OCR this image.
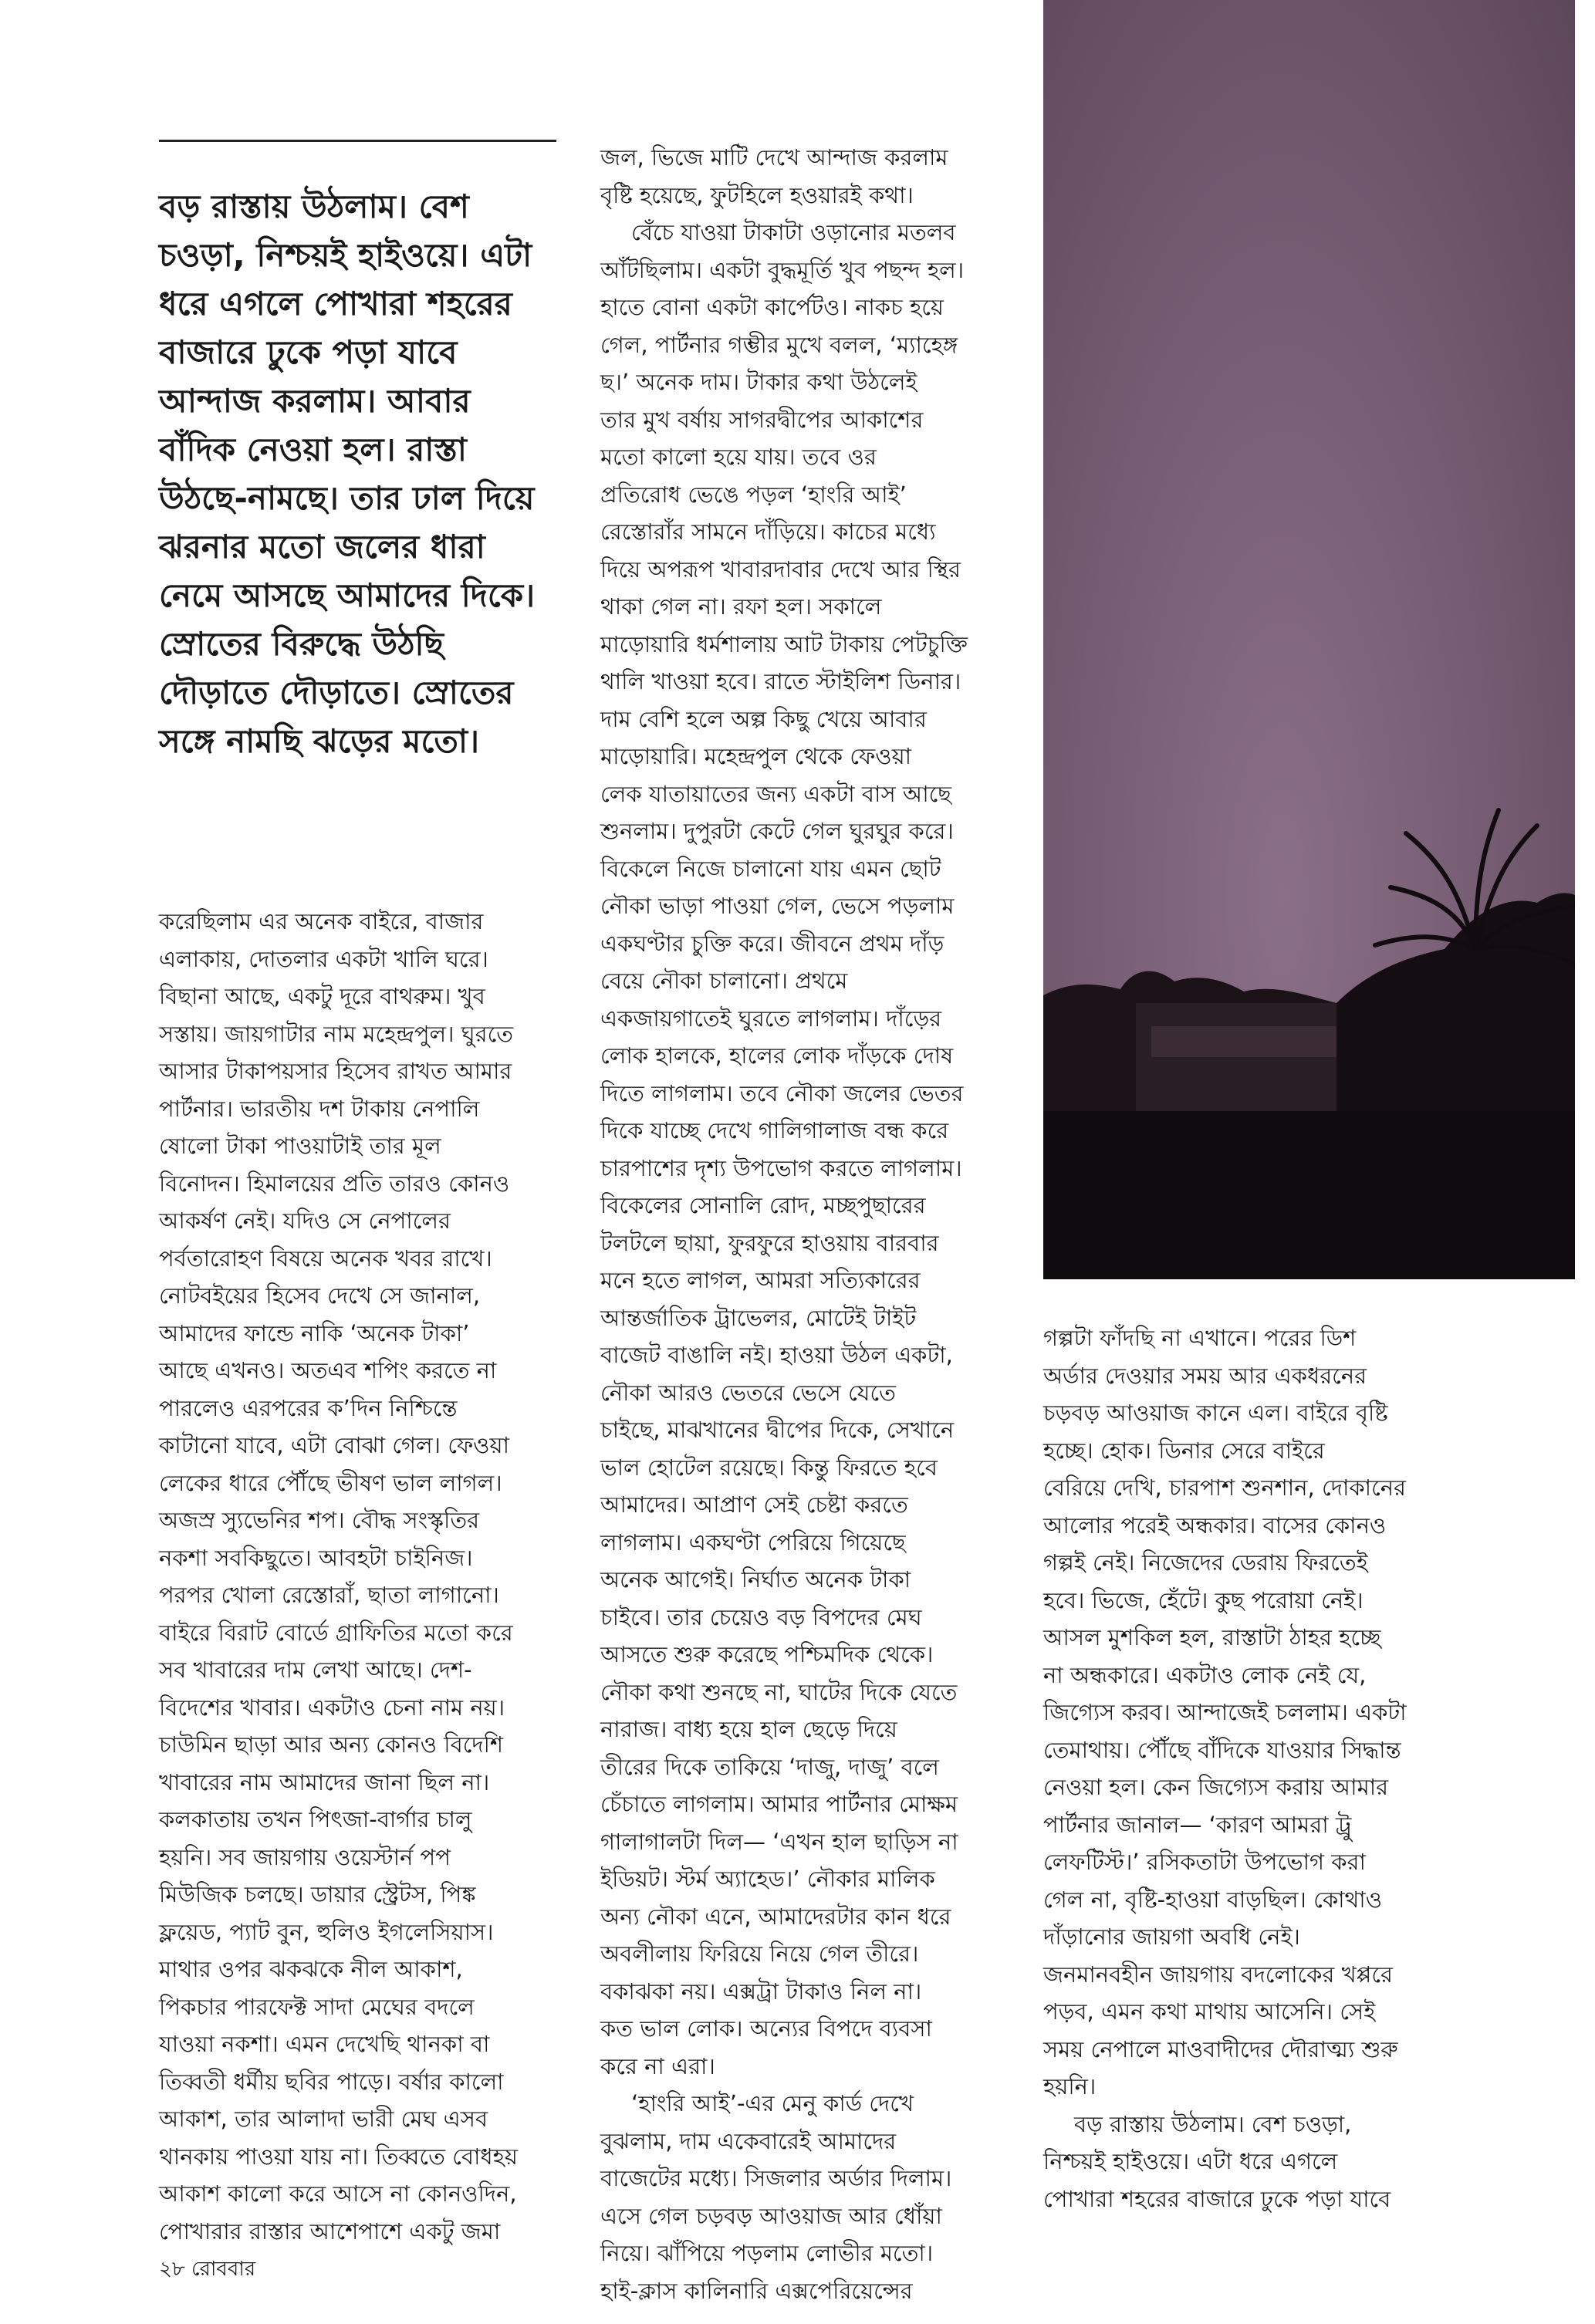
বড় রাস্তায় উঠলাম। বেশ
চওড়া, নিশ্চয়ই হাইওয়ে। এটা
ধরে এগলে পোখারা শহরের
বাজারে ঢুকে পড়া যাবে
আন্দাজ করলাম। আবার
বাঁদিক নেওয়া হল। রাস্তা
উঠছে-নামছে। তার ঢাল দিয়ে
ঝরনার মতো জলের ধারা
নেমে আসছে আমাদের দিকে।
স্রোতের বিরুদ্ধে উঠছি
দৌড়াতে দৌড়াতে। স্রোতের
সঙ্গে নামছি ঝড়ের মতো।
করেছিলাম এর অনেক বাইরে, বাজার
এলাকায়, দোতলার একটা খালি ঘরে।
বিছানা আছে, একটু দূরে বাথরুম। খুব
সস্তায়। জায়গাটার নাম মহেন্দ্রপুল। ঘুরতে
আসার টাকাপয়সার হিসেব রাখত আমার
পার্টনার। ভারতীয় দশ টাকায় নেপালি
ষোলো টাকা পাওয়াটাই তার মূল
বিনোদন। হিমালয়ের প্রতি তারও কোনও
আকর্ষণ নেই। যদিও সে নেপালের
পর্বতারোহণ বিষয়ে অনেক খবর রাখে।
নোটবইয়ের হিসেব দেখে সে জানাল,
আমাদের ফান্ডে নাকি ‘অনেক টাকা’
আছে এখনও। অতএব শপিং করতে না
পারলেও এরপরের ক’দিন নিশ্চিন্তে
কাটানো যাবে, এটা বোঝা গেল। ফেওয়া
লেকের ধারে পৌঁছে ভীষণ ভাল লাগল।
অজস্র স্যুভেনির শপ। বৌদ্ধ সংস্কৃতির
নকশা সবকিছুতে। আবহটা চাইনিজ।
পরপর খোলা রেস্তোরাঁ, ছাতা লাগানো।
বাইরে বিরাট বোর্ডে গ্রাফিতির মতো করে
সব খাবারের দাম লেখা আছে। দেশ-
বিদেশের খাবার। একটাও চেনা নাম নয়।
চাউমিন ছাড়া আর অন্য কোনও বিদেশি
খাবারের নাম আমাদের জানা ছিল না।
কলকাতায় তখন পিৎজা-বার্গার চালু
হয়নি। সব জায়গায় ওয়েস্টার্ন পপ
মিউজিক চলছে। ডায়ার স্ট্রেটস, পিঙ্ক
ফ্লয়েড, প্যাট বুন, হুলিও ইগলেসিয়াস।
মাথার ওপর ঝকঝকে নীল আকাশ,
পিকচার পারফেক্ট সাদা মেঘের বদলে
যাওয়া নকশা। এমন দেখেছি থানকা বা
তিব্বতী ধর্মীয় ছবির পাড়ে। বর্ষার কালো
আকাশ, তার আলাদা ভারী মেঘ এসব
থানকায় পাওয়া যায় না। তিব্বতে বোধহয়
আকাশ কালো করে আসে না কোনওদিন,
পোখারার রাস্তার আশেপাশে একটু জমা
জল, ভিজে মাটি দেখে আন্দাজ করলাম
বৃষ্টি হয়েছে, ফুটহিলে হওয়ারই কথা।
বেঁচে যাওয়া টাকাটা ওড়ানোর মতলব
আঁটছিলাম। একটা বুদ্ধমূর্তি খুব পছন্দ হল।
হাতে বোনা একটা কার্পেটও। নাকচ হয়ে
গেল, পার্টনার গম্ভীর মুখে বলল, ‘ম্যাহেঙ্গ
ছ।’ অনেক দাম। টাকার কথা উঠলেই
তার মুখ বর্ষায় সাগরদ্বীপের আকাশের
মতো কালো হয়ে যায়। তবে ওর
প্রতিরোধ ভেঙে পড়ল ‘হাংরি আই’
রেস্তোরাঁর সামনে দাঁড়িয়ে। কাচের মধ্যে
দিয়ে অপরূপ খাবারদাবার দেখে আর স্থির
থাকা গেল না। রফা হল। সকালে
মাড়োয়ারি ধর্মশালায় আট টাকায় পেটচুক্তি
থালি খাওয়া হবে। রাতে স্টাইলিশ ডিনার।
দাম বেশি হলে অল্প কিছু খেয়ে আবার
মাড়োয়ারি। মহেন্দ্রপুল থেকে ফেওয়া
লেক যাতায়াতের জন্য একটা বাস আছে
শুনলাম। দুপুরটা কেটে গেল ঘুরঘুর করে।
বিকেলে নিজে চালানো যায় এমন ছোট
নৌকা ভাড়া পাওয়া গেল, ভেসে পড়লাম
একঘণ্টার চুক্তি করে। জীবনে প্রথম দাঁড়
বেয়ে নৌকা চালানো। প্রথমে
একজায়গাতেই ঘুরতে লাগলাম। দাঁড়ের
লোক হালকে, হালের লোক দাঁড়কে দোষ
দিতে লাগলাম। তবে নৌকা জলের ভেতর
দিকে যাচ্ছে দেখে গালিগালাজ বন্ধ করে
চারপাশের দৃশ্য উপভোগ করতে লাগলাম।
বিকেলের সোনালি রোদ, মচ্ছপুছারের
টলটলে ছায়া, ফুরফুরে হাওয়ায় বারবার
মনে হতে লাগল, আমরা সত্যিকারের
আন্তর্জাতিক ট্রাভেলর, মোটেই টাইট
বাজেট বাঙালি নই। হাওয়া উঠল একটা,
নৌকা আরও ভেতরে ভেসে যেতে
চাইছে, মাঝখানের দ্বীপের দিকে, সেখানে
ভাল হোটেল রয়েছে। কিন্তু ফিরতে হবে
আমাদের। আপ্রাণ সেই চেষ্টা করতে
লাগলাম। একঘণ্টা পেরিয়ে গিয়েছে
অনেক আগেই। নির্ঘাত অনেক টাকা
চাইবে। তার চেয়েও বড় বিপদের মেঘ
আসতে শুরু করেছে পশ্চিমদিক থেকে।
নৌকা কথা শুনছে না, ঘাটের দিকে যেতে
নারাজ। বাধ্য হয়ে হাল ছেড়ে দিয়ে
তীরের দিকে তাকিয়ে ‘দাজু, দাজু’ বলে
চেঁচাতে লাগলাম। আমার পার্টনার মোক্ষম
গালাগালটা দিল— ‘এখন হাল ছাড়িস না
ইডিয়ট। স্টর্ম অ্যাহেড।’ নৌকার মালিক
অন্য নৌকা এনে, আমাদেরটার কান ধরে
অবলীলায় ফিরিয়ে নিয়ে গেল তীরে।
বকাঝকা নয়। এক্সট্রা টাকাও নিল না।
কত ভাল লোক। অন্যের বিপদে ব্যবসা
করে না এরা।
‘হাংরি আই’-এর মেনু কার্ড দেখে
বুঝলাম, দাম একেবারেই আমাদের
বাজেটের মধ্যে। সিজলার অর্ডার দিলাম।
এসে গেল চড়বড় আওয়াজ আর ধোঁয়া
নিয়ে। ঝাঁপিয়ে পড়লাম লোভীর মতো।
হাই-ক্লাস কালিনারি এক্সপেরিয়েন্সের
গল্পটা ফাঁদছি না এখানে। পরের ডিশ
অর্ডার দেওয়ার সময় আর একধরনের
চড়বড় আওয়াজ কানে এল। বাইরে বৃষ্টি
হচ্ছে। হোক। ডিনার সেরে বাইরে
বেরিয়ে দেখি, চারপাশ শুনশান, দোকানের
আলোর পরেই অন্ধকার। বাসের কোনও
গল্পই নেই। নিজেদের ডেরায় ফিরতেই
হবে। ভিজে, হেঁটে। কুছ পরোয়া নেই।
আসল মুশকিল হল, রাস্তাটা ঠাহর হচ্ছে
না অন্ধকারে। একটাও লোক নেই যে,
জিগ্যেস করব। আন্দাজেই চললাম। একটা
তেমাথায়। পৌঁছে বাঁদিকে যাওয়ার সিদ্ধান্ত
নেওয়া হল। কেন জিগ্যেস করায় আমার
পার্টনার জানাল— ‘কারণ আমরা ট্রু
লেফটিস্ট।’ রসিকতাটা উপভোগ করা
গেল না, বৃষ্টি-হাওয়া বাড়ছিল। কোথাও
দাঁড়ানোর জায়গা অবধি নেই।
জনমানবহীন জায়গায় বদলোকের খপ্পরে
পড়ব, এমন কথা মাথায় আসেনি। সেই
সময় নেপালে মাওবাদীদের দৌরাত্ম্য শুরু
হয়নি।
বড় রাস্তায় উঠলাম। বেশ চওড়া,
নিশ্চয়ই হাইওয়ে। এটা ধরে এগলে
পোখারা শহরের বাজারে ঢুকে পড়া যাবে
২৮ রোববার
